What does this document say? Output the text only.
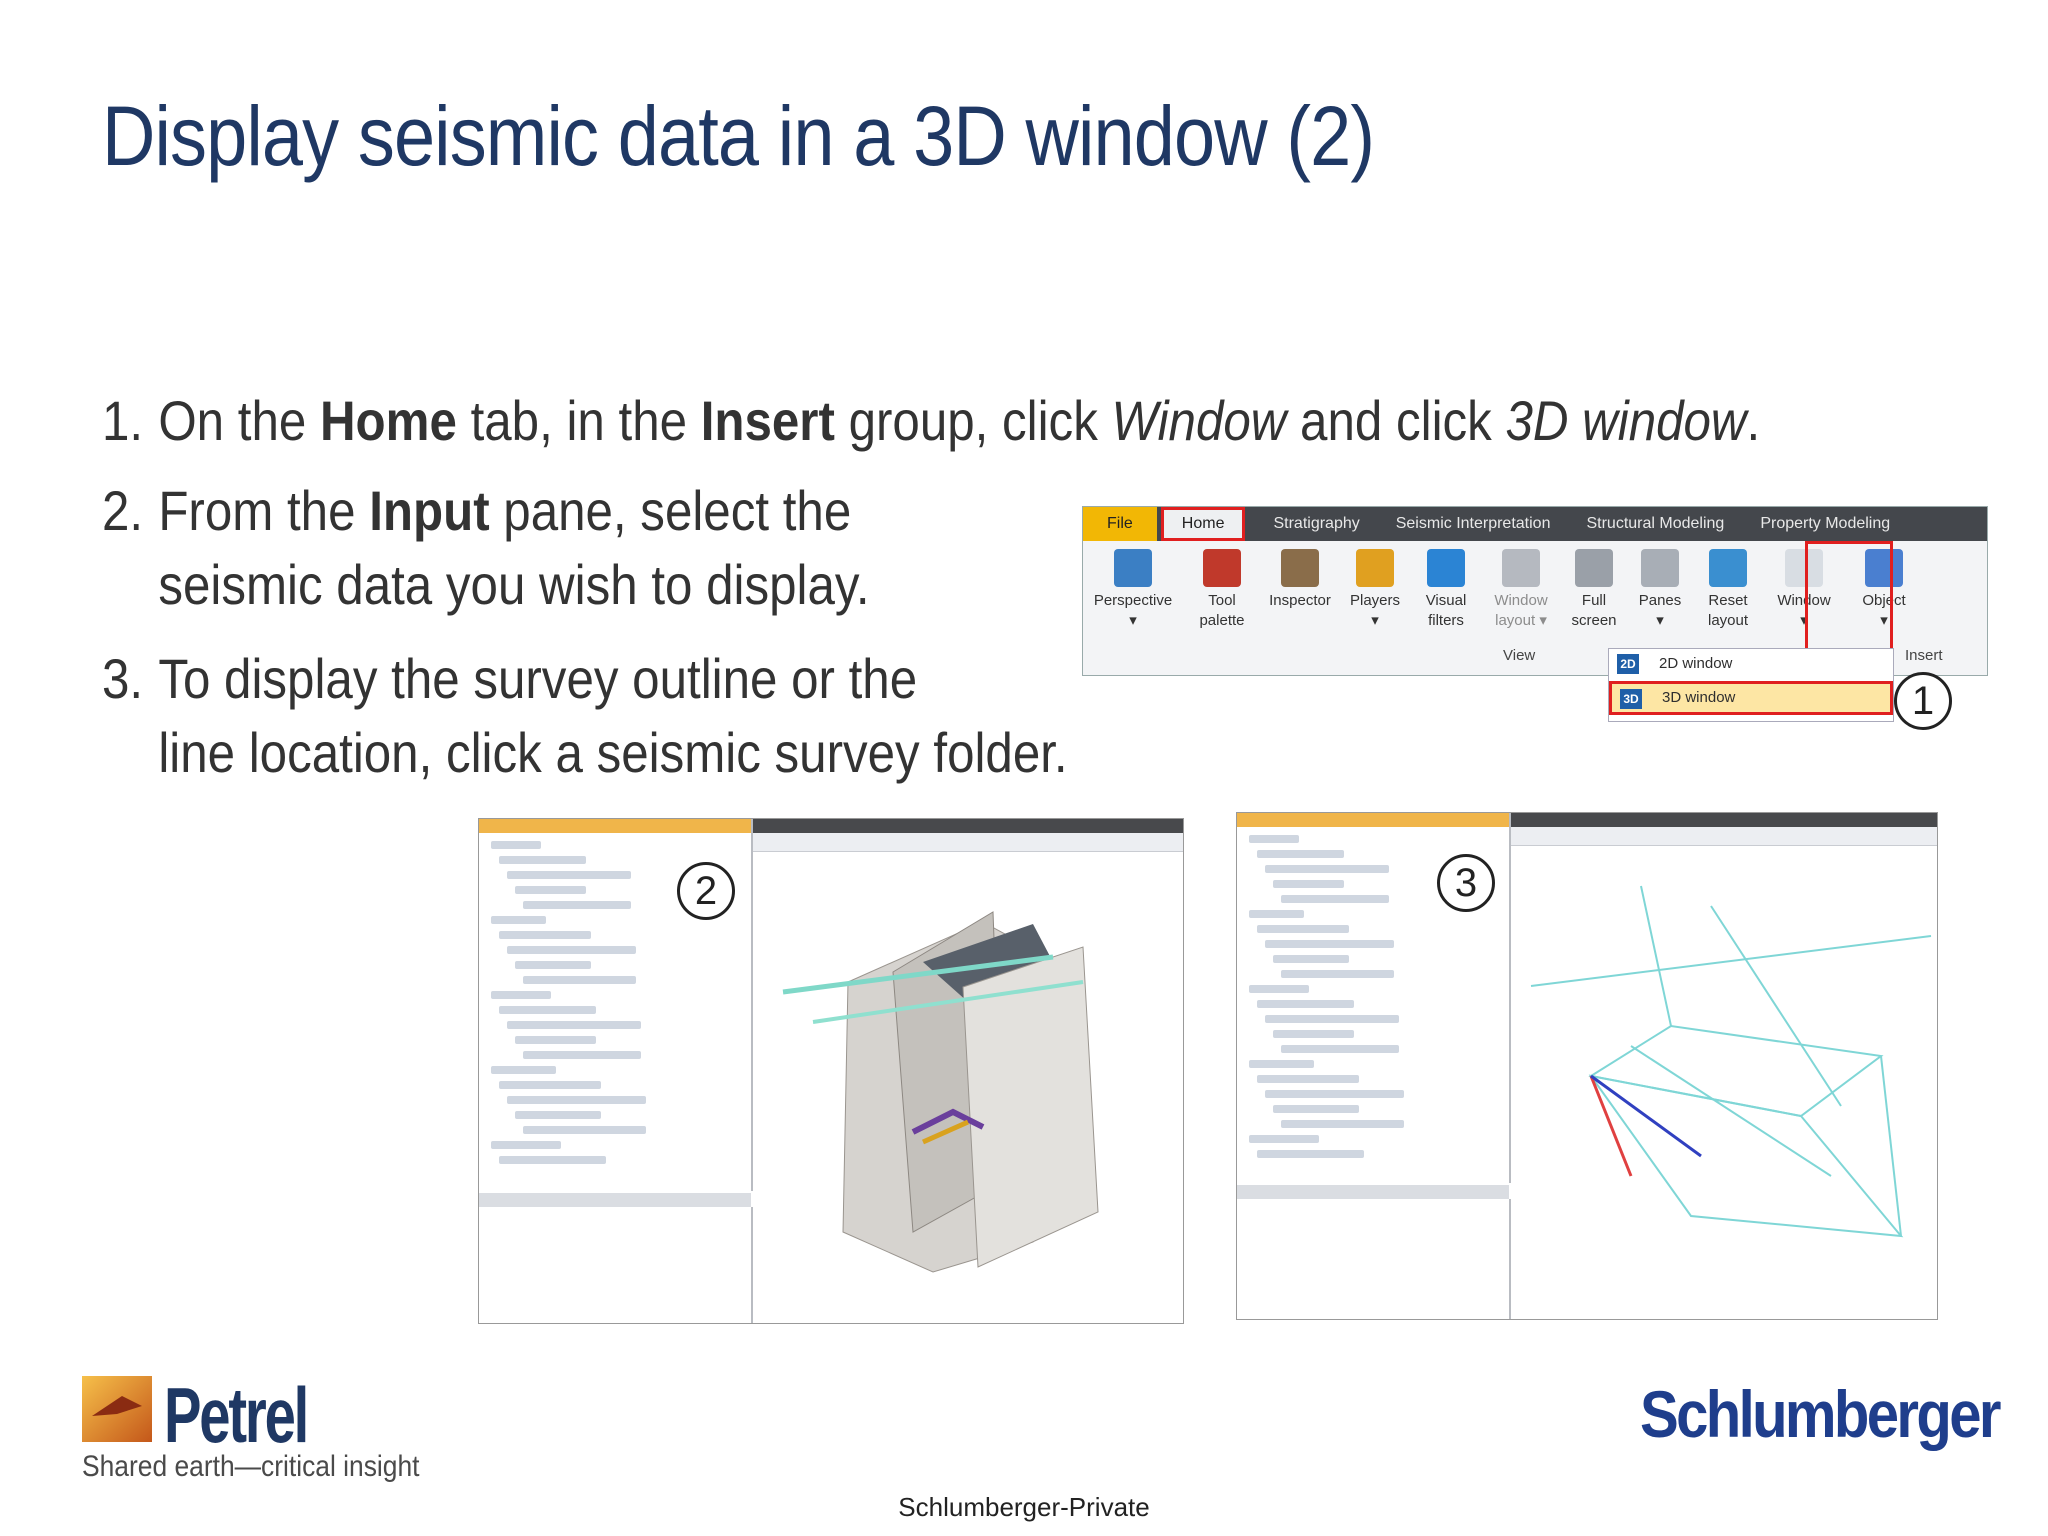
Display seismic data in a 3D window (2)
1. On the Home tab, in the Insert group, click Window and click 3D window.
2. From the Input pane, select the
seismic data you wish to display.
3. To display the survey outline or the
line location, click a seismic survey folder.
File	Home	Stratigraphy	Seismic Interpretation	Structural Modeling	Property Modeling
Perspective
▾
Tool
palette
Inspector	Players
▾
Visual
filters
Window
layout ▾
Full
screen
Panes
▾
Reset
layout
Window
▾
Object
▾
View	Insert
2D 2D window
3D 3D window	1
2	3
Petrel
Shared earth—critical insight
Schlumberger
Schlumberger-Private
